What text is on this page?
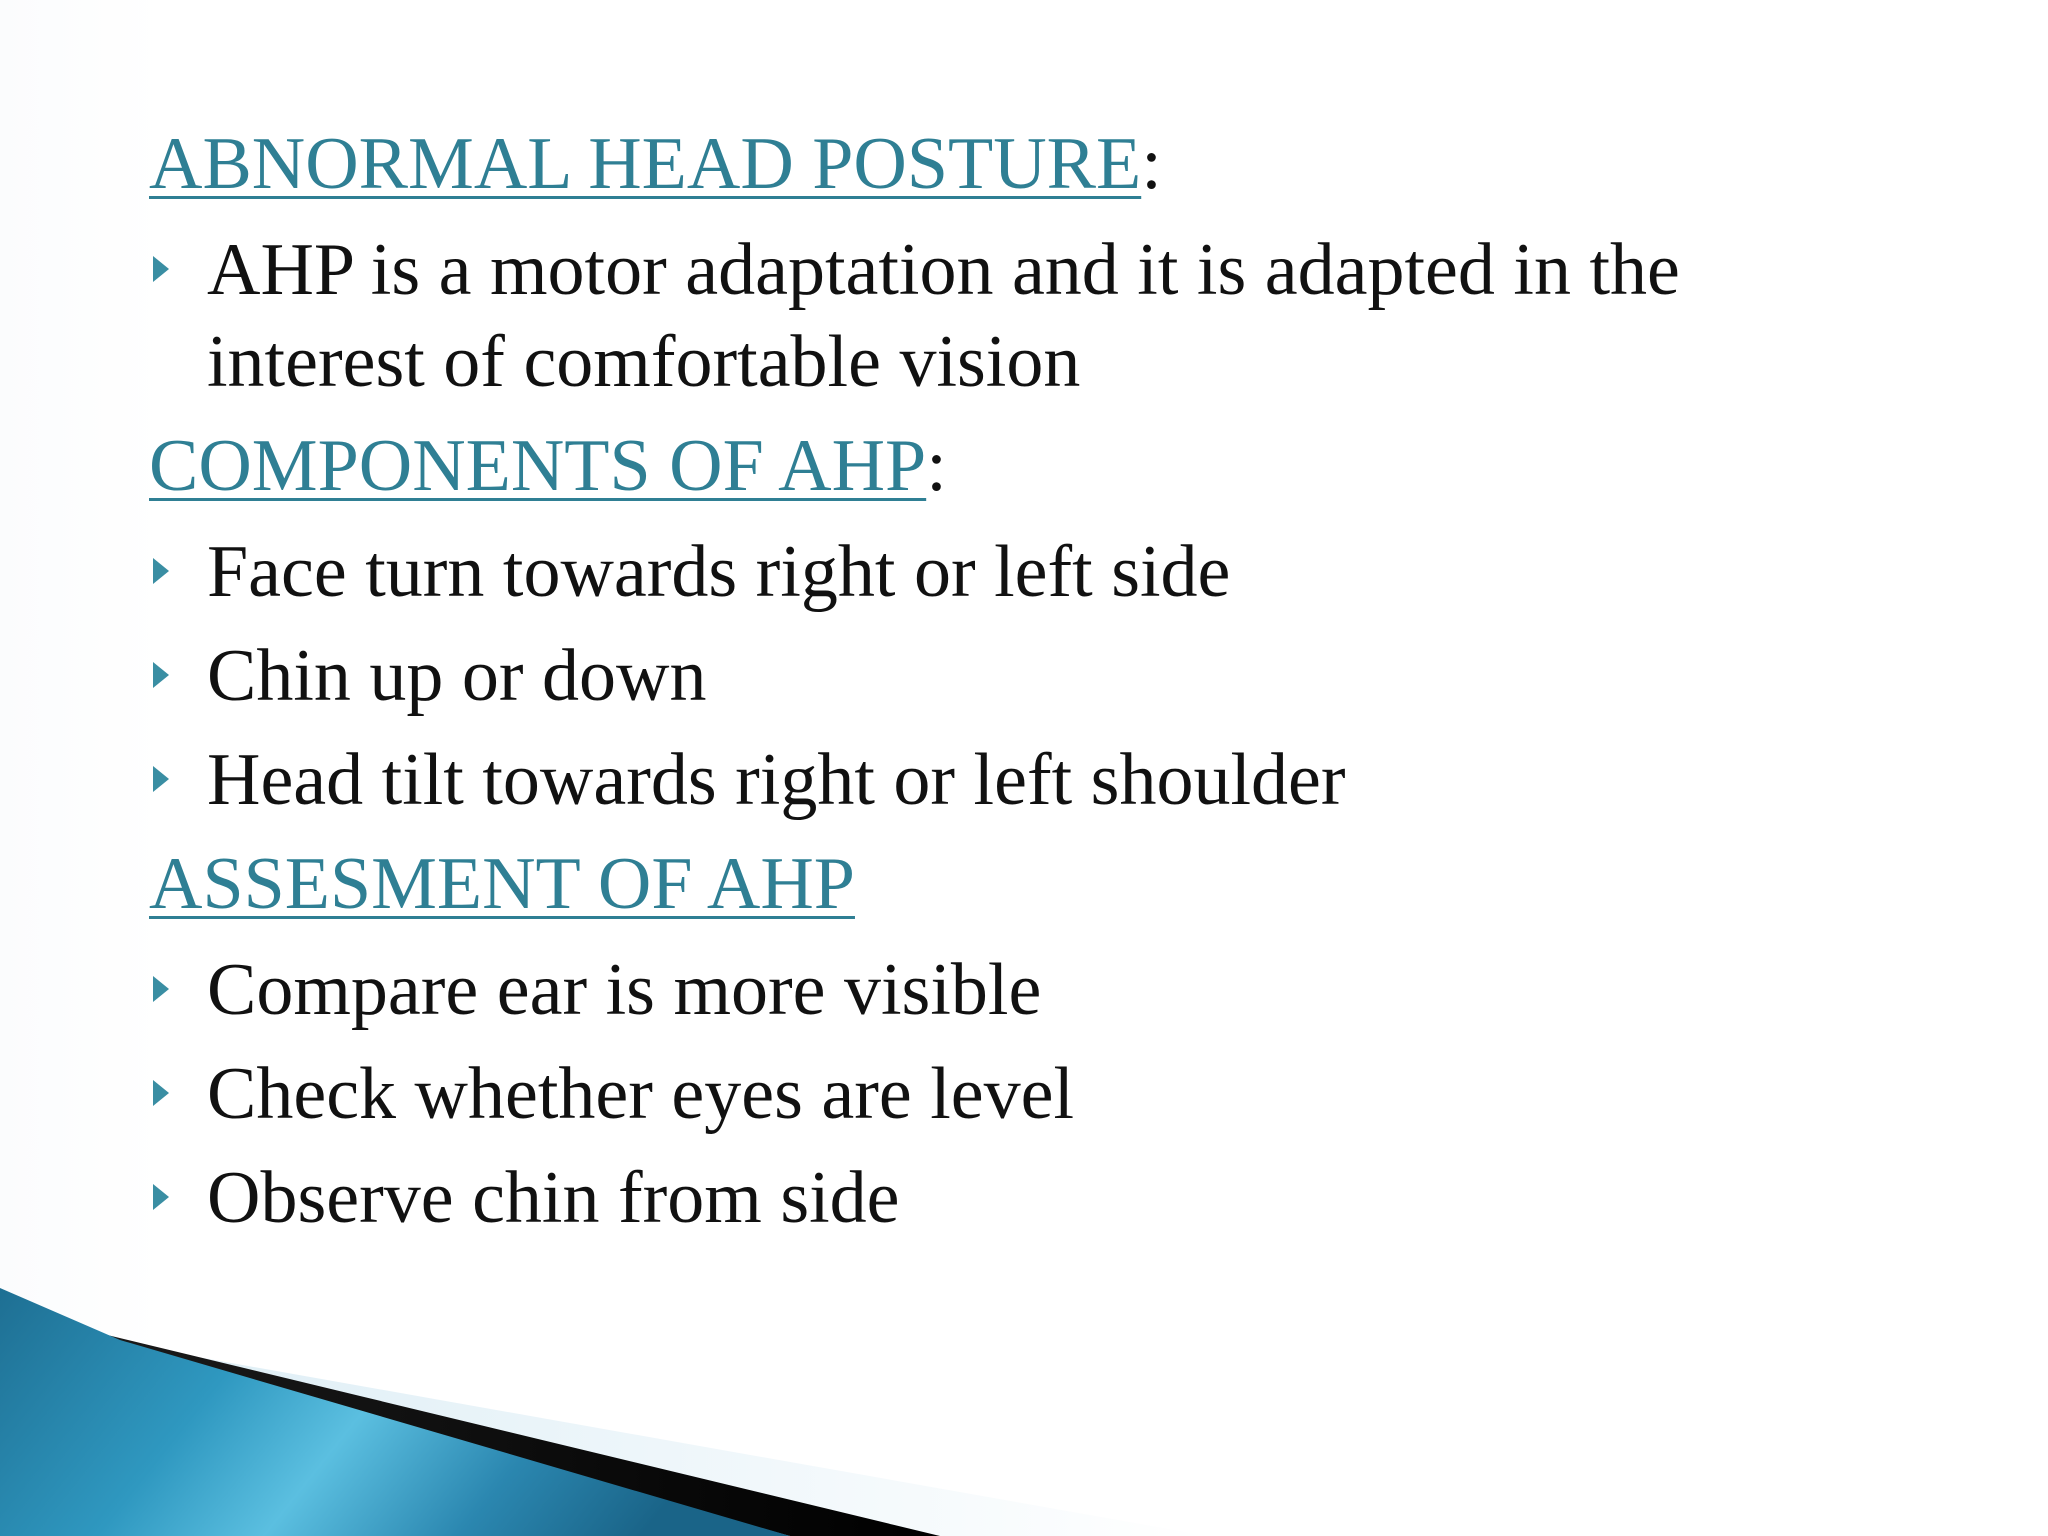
ABNORMAL HEAD POSTURE:
AHP is a motor adaptation and it is adapted in the interest of comfortable vision
COMPONENTS OF AHP:
Face turn towards right or left side
Chin up or down
Head tilt towards right or left shoulder
ASSESMENT OF AHP
Compare ear is more visible
Check whether eyes are level
Observe chin from side
